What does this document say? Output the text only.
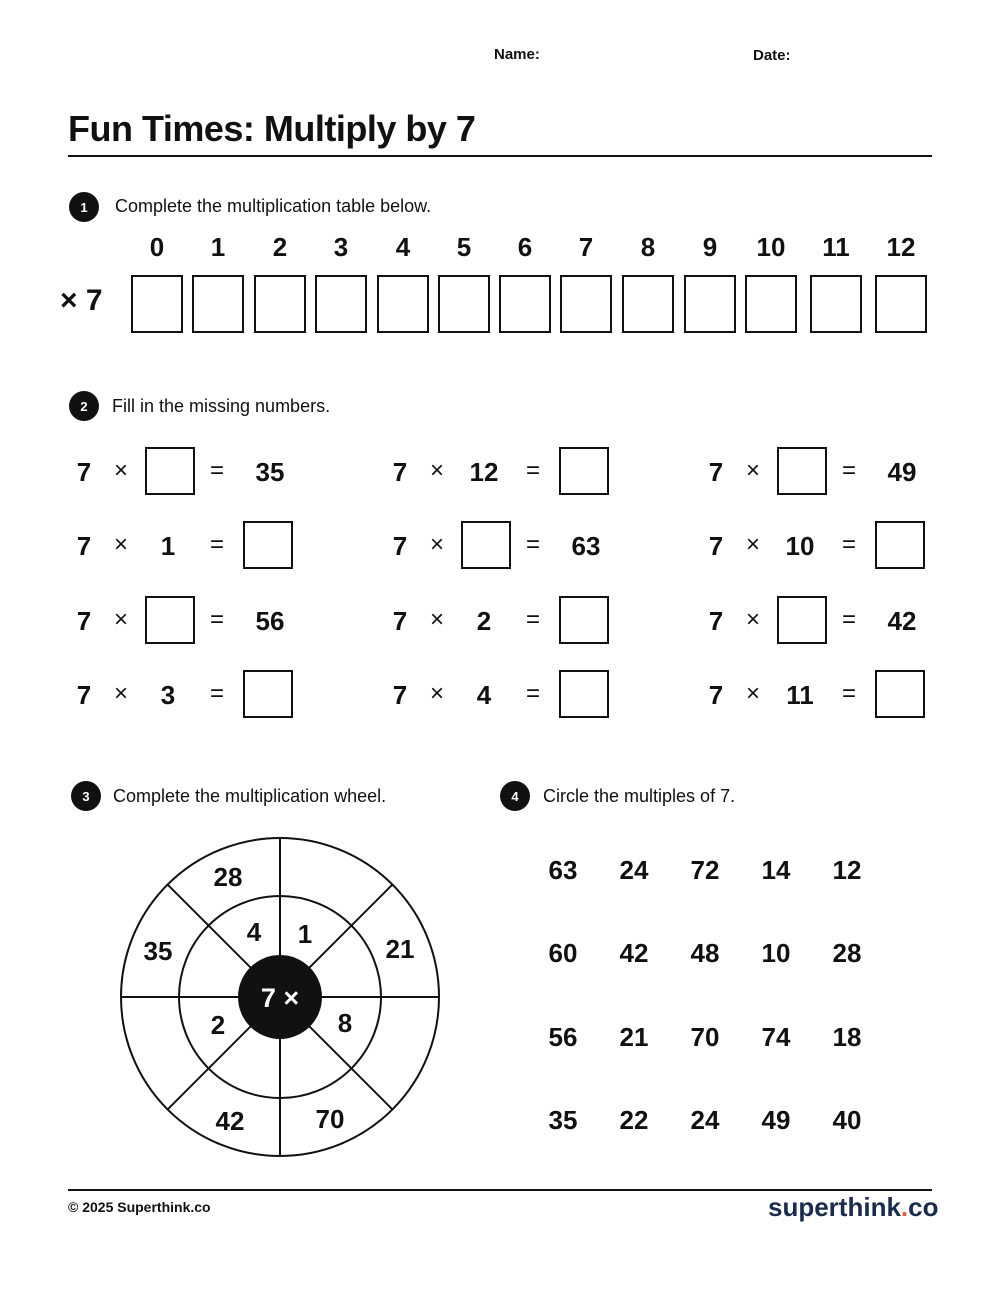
Name:	Date:
Fun Times: Multiply by 7
1	Complete the multiplication table below.
× 7
0	1	2	3	4	5	6	7	8	9	10	11	12
2	Fill in the missing numbers.
7 ×	=	35	7 × 12	=	7 ×	=	49
7 ×	1	=	7 ×	=	63	7 × 10	=
7 ×	=	56	7 ×	2	=	7 ×	=	42
7 ×	3	=	7 ×	4	=	7 ×	11	=
3	Complete the multiplication wheel.
7 ×
1
8
2
4
21
70
42
35
28
4	Circle the multiples of 7.
63	24	72	14	12
60	42	48	10	28
56	21	70	74	18
35	22	24	49	40
© 2025 Superthink.co	superthink.co
